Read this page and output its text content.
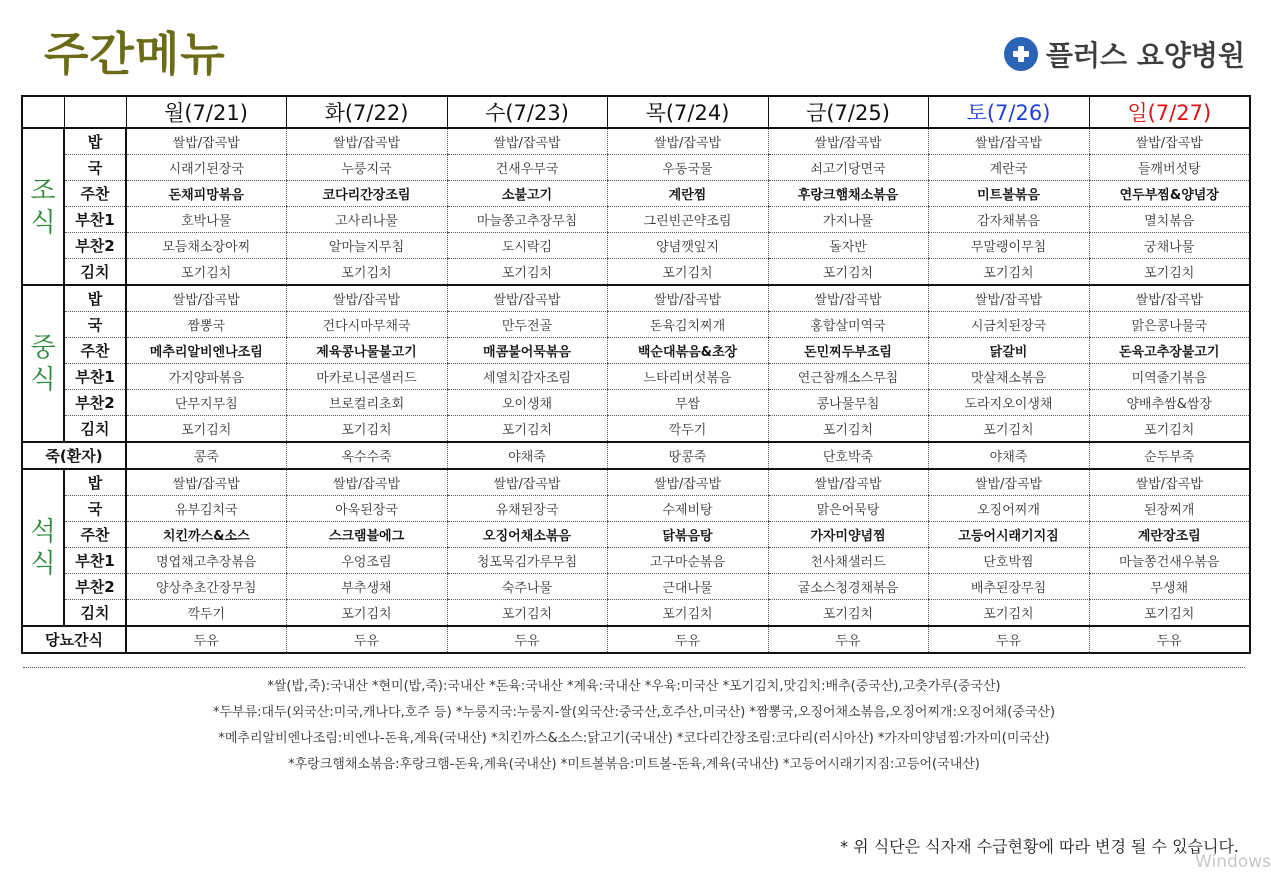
주간메뉴	플러스 요양병원
		월(7/21)	화(7/22)	수(7/23)	목(7/24)	금(7/25)	토(7/26)	일(7/27)
조식	밥	쌀밥/잡곡밥	쌀밥/잡곡밥	쌀밥/잡곡밥	쌀밥/잡곡밥	쌀밥/잡곡밥	쌀밥/잡곡밥	쌀밥/잡곡밥
	국	시래기된장국	누룽지국	건새우무국	우동국물	쇠고기당면국	계란국	들깨버섯탕
	주찬	돈채피망볶음	코다리간장조림	소불고기	계란찜	후랑크햄채소볶음	미트볼볶음	연두부찜&양념장
	부찬1	호박나물	고사리나물	마늘쫑고추장무침	그린빈곤약조림	가지나물	감자채볶음	멸치볶음
	부찬2	모듬채소장아찌	알마늘지무침	도시락김	양념깻잎지	돌자반	무말랭이무침	궁채나물
	김치	포기김치	포기김치	포기김치	포기김치	포기김치	포기김치	포기김치
중식	밥	쌀밥/잡곡밥	쌀밥/잡곡밥	쌀밥/잡곡밥	쌀밥/잡곡밥	쌀밥/잡곡밥	쌀밥/잡곡밥	쌀밥/잡곡밥
	국	짬뽕국	건다시마무채국	만두전골	돈육김치찌개	홍합살미역국	시금치된장국	맑은콩나물국
	주찬	메추리알비엔나조림	제육콩나물불고기	매콤불어묵볶음	백순대볶음&초장	돈민찌두부조림	닭갈비	돈육고추장불고기
	부찬1	가지양파볶음	마카로니콘샐러드	세열치감자조림	느타리버섯볶음	연근참깨소스무침	맛살채소볶음	미역줄기볶음
	부찬2	단무지무침	브로컬리초회	오이생채	무쌈	콩나물무침	도라지오이생채	양배추쌈&쌈장
	김치	포기김치	포기김치	포기김치	깍두기	포기김치	포기김치	포기김치
죽(환자)		콩죽	옥수수죽	야채죽	땅콩죽	단호박죽	야채죽	순두부죽
석식	밥	쌀밥/잡곡밥	쌀밥/잡곡밥	쌀밥/잡곡밥	쌀밥/잡곡밥	쌀밥/잡곡밥	쌀밥/잡곡밥	쌀밥/잡곡밥
	국	유부김치국	아욱된장국	유채된장국	수제비탕	맑은어묵탕	오징어찌개	된장찌개
	주찬	치킨까스&소스	스크램블에그	오징어채소볶음	닭볶음탕	가자미양념찜	고등어시래기지짐	계란장조림
	부찬1	명엽채고추장볶음	우엉조림	청포묵김가루무침	고구마순볶음	천사채샐러드	단호박찜	마늘쫑건새우볶음
	부찬2	양상추초간장무침	부추생채	숙주나물	근대나물	굴소스청경채볶음	배추된장무침	무생채
	김치	깍두기	포기김치	포기김치	포기김치	포기김치	포기김치	포기김치
당뇨간식		두유	두유	두유	두유	두유	두유	두유
*쌀(밥,죽):국내산 *현미(밥,죽):국내산 *돈육:국내산 *계육:국내산 *우육:미국산 *포기김치,맛김치:배추(중국산),고춧가루(중국산)
*두부류:대두(외국산:미국,캐나다,호주 등) *누룽지국:누룽지-쌀(외국산:중국산,호주산,미국산) *짬뽕국,오징어채소볶음,오징어찌개:오징어채(중국산)
*메추리알비엔나조림:비엔나-돈육,계육(국내산) *치킨까스&소스:닭고기(국내산) *코다리간장조림:코다리(러시아산) *가자미양념찜:가자미(미국산)
*후랑크햄채소볶음:후랑크햄-돈육,계육(국내산) *미트볼볶음:미트볼-돈육,계육(국내산) *고등어시래기지짐:고등어(국내산)
* 위 식단은 식자재 수급현황에 따라 변경 될 수 있습니다.
Windows
